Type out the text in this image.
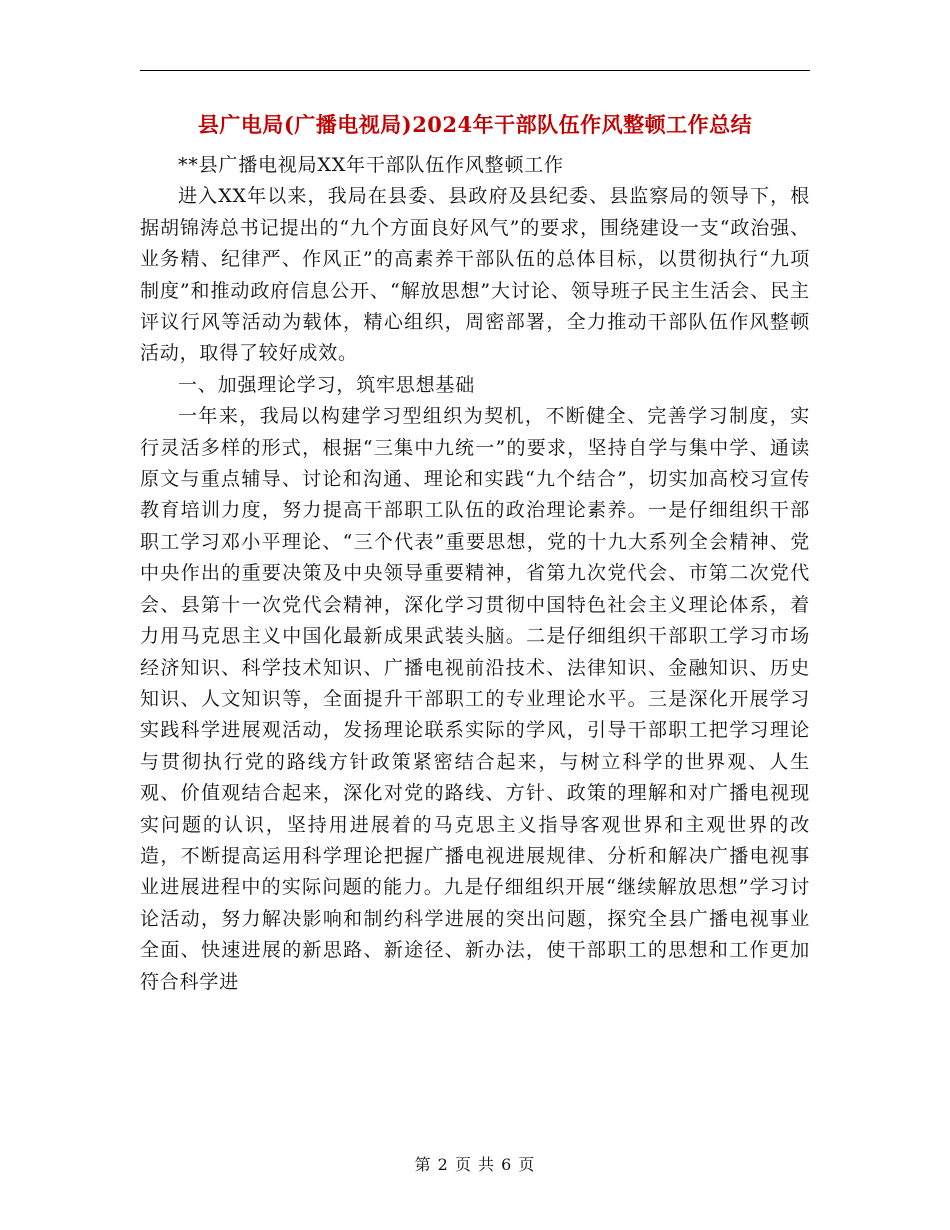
县广电局(广播电视局)2024年干部队伍作风整顿工作总结

**县广播电视局XX年干部队伍作风整顿工作

进入XX年以来，我局在县委、县政府及县纪委、县监察局的领导下，根据胡锦涛总书记提出的“九个方面良好风气”的要求，围绕建设一支“政治强、业务精、纪律严、作风正”的高素养干部队伍的总体目标，以贯彻执行“九项制度”和推动政府信息公开、“解放思想”大讨论、领导班子民主生活会、民主评议行风等活动为载体，精心组织，周密部署，全力推动干部队伍作风整顿活动，取得了较好成效。

一、加强理论学习，筑牢思想基础

一年来，我局以构建学习型组织为契机，不断健全、完善学习制度，实行灵活多样的形式，根据“三集中九统一”的要求，坚持自学与集中学、通读原文与重点辅导、讨论和沟通、理论和实践“九个结合”，切实加高校习宣传教育培训力度，努力提高干部职工队伍的政治理论素养。一是仔细组织干部职工学习邓小平理论、“三个代表”重要思想，党的十九大系列全会精神、党中央作出的重要决策及中央领导重要精神，省第九次党代会、市第二次党代会、县第十一次党代会精神，深化学习贯彻中国特色社会主义理论体系，着力用马克思主义中国化最新成果武装头脑。二是仔细组织干部职工学习市场经济知识、科学技术知识、广播电视前沿技术、法律知识、金融知识、历史知识、人文知识等，全面提升干部职工的专业理论水平。三是深化开展学习实践科学进展观活动，发扬理论联系实际的学风，引导干部职工把学习理论与贯彻执行党的路线方针政策紧密结合起来，与树立科学的世界观、人生观、价值观结合起来，深化对党的路线、方针、政策的理解和对广播电视现实问题的认识，坚持用进展着的马克思主义指导客观世界和主观世界的改造，不断提高运用科学理论把握广播电视进展规律、分析和解决广播电视事业进展进程中的实际问题的能力。九是仔细组织开展“继续解放思想”学习讨论活动，努力解决影响和制约科学进展的突出问题，探究全县广播电视事业全面、快速进展的新思路、新途径、新办法，使干部职工的思想和工作更加符合科学进

第 2 页 共 6 页
